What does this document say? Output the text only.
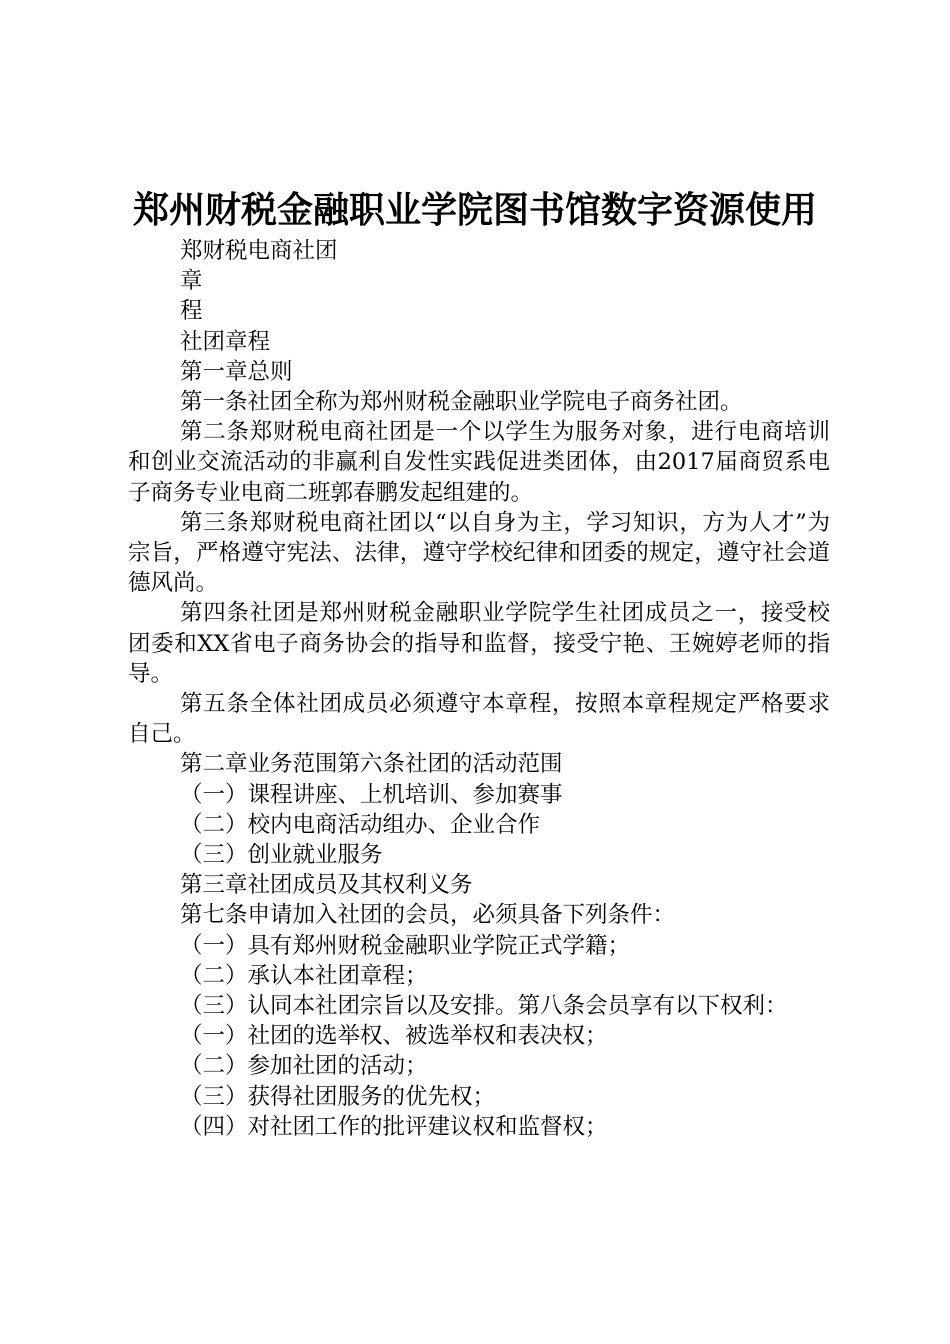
郑州财税金融职业学院图书馆数字资源使用

郑财税电商社团

章

程

社团章程

第一章总则

第一条社团全称为郑州财税金融职业学院电子商务社团。

第二条郑财税电商社团是一个以学生为服务对象，进行电商培训和创业交流活动的非赢利自发性实践促进类团体，由2017届商贸系电子商务专业电商二班郭春鹏发起组建的。

第三条郑财税电商社团以“以自身为主，学习知识，方为人才”为宗旨，严格遵守宪法、法律，遵守学校纪律和团委的规定，遵守社会道德风尚。

第四条社团是郑州财税金融职业学院学生社团成员之一，接受校团委和XX省电子商务协会的指导和监督，接受宁艳、王婉婷老师的指导。

第五条全体社团成员必须遵守本章程，按照本章程规定严格要求自己。

第二章业务范围第六条社团的活动范围

（一）课程讲座、上机培训、参加赛事

（二）校内电商活动组办、企业合作

（三）创业就业服务

第三章社团成员及其权利义务

第七条申请加入社团的会员，必须具备下列条件：

（一）具有郑州财税金融职业学院正式学籍；

（二）承认本社团章程；

（三）认同本社团宗旨以及安排。第八条会员享有以下权利：

（一）社团的选举权、被选举权和表决权；

（二）参加社团的活动；

（三）获得社团服务的优先权；

（四）对社团工作的批评建议权和监督权；
